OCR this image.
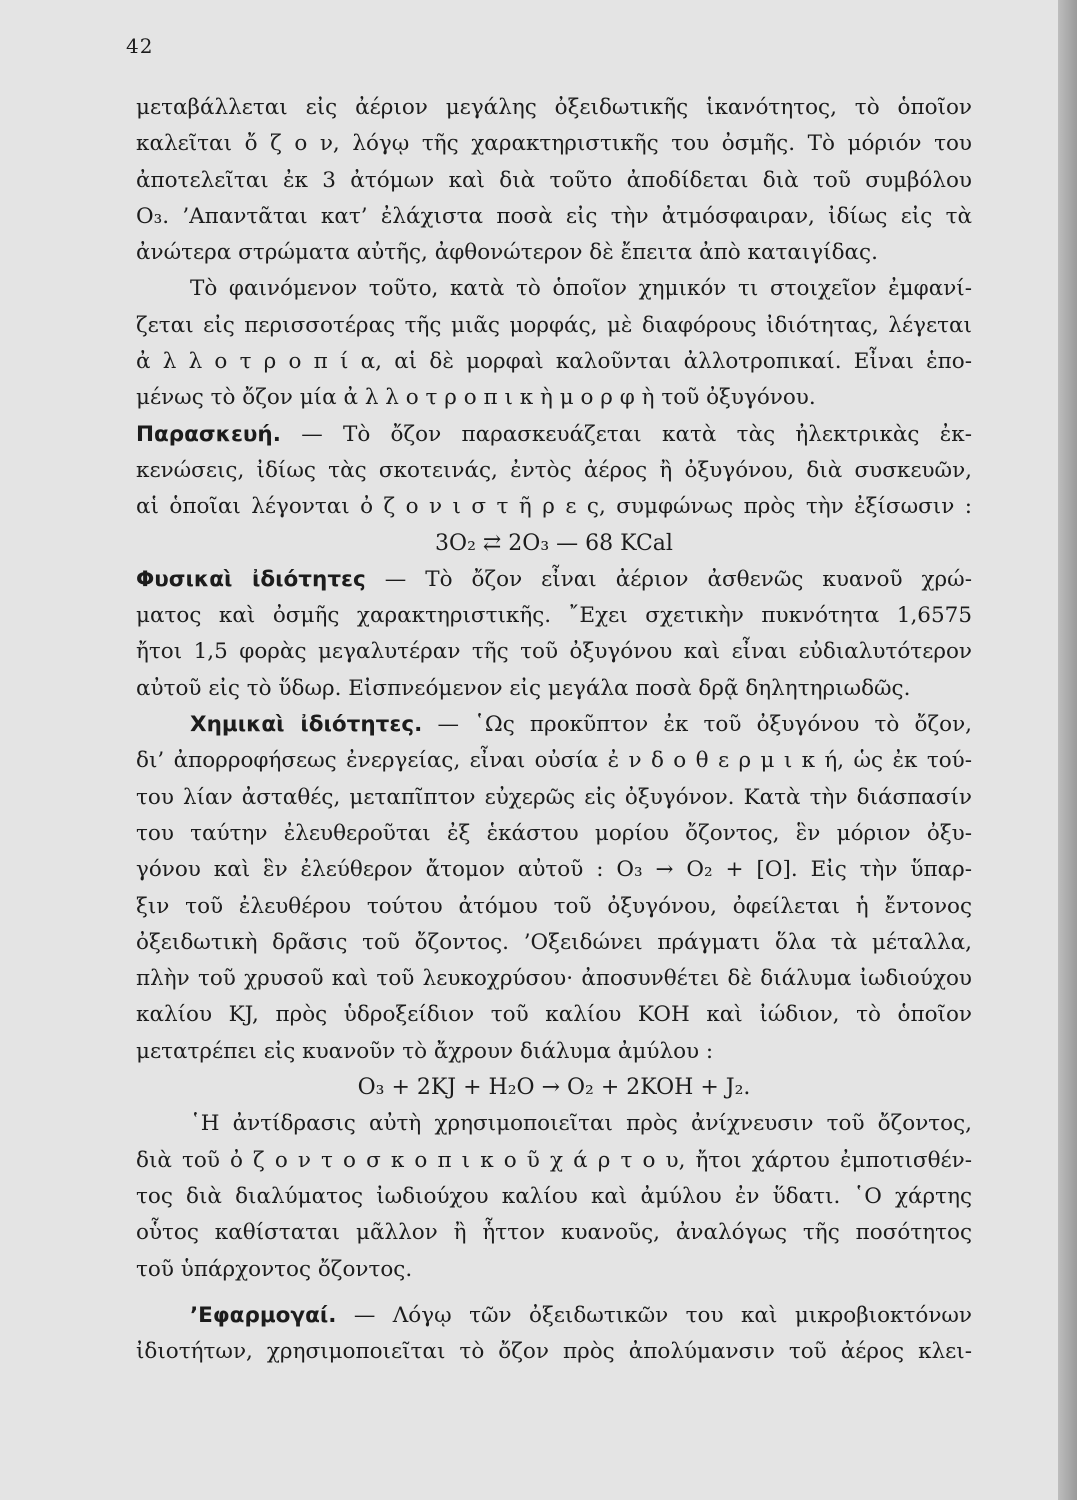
42
μεταβάλλεται εἰς ἀέριον μεγάλης ὀξειδωτικῆς ἱκανότητος, τὸ ὁποῖον
καλεῖται ὄ ζ ο ν, λόγῳ τῆς χαρακτηριστικῆς του ὀσμῆς. Τὸ μόριόν του
ἀποτελεῖται ἐκ 3 ἀτόμων καὶ διὰ τοῦτο ἀποδίδεται διὰ τοῦ συμβόλου
O₃. ’Απαντᾶται κατ’ ἐλάχιστα ποσὰ εἰς τὴν ἀτμόσφαιραν, ἰδίως εἰς τὰ
ἀνώτερα στρώματα αὐτῆς, ἀφθονώτερον δὲ ἔπειτα ἀπὸ καταιγίδας.
Τὸ φαινόμενον τοῦτο, κατὰ τὸ ὁποῖον χημικόν τι στοιχεῖον ἐμφανί-
ζεται εἰς περισσοτέρας τῆς μιᾶς μορφάς, μὲ διαφόρους ἰδιότητας, λέγεται
ἀ λ λ ο τ ρ ο π ί α, αἱ δὲ μορφαὶ καλοῦνται ἀλλοτροπικαί. Εἶναι ἑπο-
μένως τὸ ὄζον μία ἀ λ λ ο τ ρ ο π ι κ ὴ μ ο ρ φ ὴ τοῦ ὀξυγόνου.
Παρασκευή. — Τὸ ὄζον παρασκευάζεται κατὰ τὰς ἠλεκτρικὰς ἐκ-
κενώσεις, ἰδίως τὰς σκοτεινάς, ἐντὸς ἀέρος ἢ ὀξυγόνου, διὰ συσκευῶν,
αἱ ὁποῖαι λέγονται ὀ ζ ο ν ι σ τ ῆ ρ ε ς, συμφώνως πρὸς τὴν ἐξίσωσιν :
3O₂ ⇄ 2O₃ — 68 KCal
Φυσικαὶ ἰδιότητες — Τὸ ὄζον εἶναι ἀέριον ἀσθενῶς κυανοῦ χρώ-
ματος καὶ ὀσμῆς χαρακτηριστικῆς. ῎Εχει σχετικὴν πυκνότητα 1,6575
ἤτοι 1,5 φορὰς μεγαλυτέραν τῆς τοῦ ὀξυγόνου καὶ εἶναι εὐδιαλυτότερον
αὐτοῦ εἰς τὸ ὕδωρ. Εἰσπνεόμενον εἰς μεγάλα ποσὰ δρᾷ δηλητηριωδῶς.
Χημικαὶ ἰδιότητες. — ῾Ως προκῦπτον ἐκ τοῦ ὀξυγόνου τὸ ὄζον,
δι’ ἀπορροφήσεως ἐνεργείας, εἶναι οὐσία ἐ ν δ ο θ ε ρ μ ι κ ή, ὡς ἐκ τού-
του λίαν ἀσταθές, μεταπῖπτον εὐχερῶς εἰς ὀξυγόνον. Κατὰ τὴν διάσπασίν
του ταύτην ἐλευθεροῦται ἐξ ἑκάστου μορίου ὄζοντος, ἓν μόριον ὀξυ-
γόνου καὶ ἓν ἐλεύθερον ἄτομον αὐτοῦ : O₃ → O₂ + [O]. Εἰς τὴν ὕπαρ-
ξιν τοῦ ἐλευθέρου τούτου ἀτόμου τοῦ ὀξυγόνου, ὀφείλεται ἡ ἔντονος
ὀξειδωτικὴ δρᾶσις τοῦ ὄζοντος. ’Οξειδώνει πράγματι ὅλα τὰ μέταλλα,
πλὴν τοῦ χρυσοῦ καὶ τοῦ λευκοχρύσου· ἀποσυνθέτει δὲ διάλυμα ἰωδιούχου
καλίου KJ, πρὸς ὑδροξείδιον τοῦ καλίου KOH καὶ ἰώδιον, τὸ ὁποῖον
μετατρέπει εἰς κυανοῦν τὸ ἄχρουν διάλυμα ἀμύλου :
O₃ + 2KJ + H₂O → O₂ + 2KOH + J₂.
῾Η ἀντίδρασις αὐτὴ χρησιμοποιεῖται πρὸς ἀνίχνευσιν τοῦ ὄζοντος,
διὰ τοῦ ὀ ζ ο ν τ ο σ κ ο π ι κ ο ῦ χ ά ρ τ ο υ, ἤτοι χάρτου ἐμποτισθέν-
τος διὰ διαλύματος ἰωδιούχου καλίου καὶ ἀμύλου ἐν ὕδατι. ῾Ο χάρτης
οὗτος καθίσταται μᾶλλον ἢ ἧττον κυανοῦς, ἀναλόγως τῆς ποσότητος
τοῦ ὑπάρχοντος ὄζοντος.
’Εφαρμογαί. — Λόγῳ τῶν ὀξειδωτικῶν του καὶ μικροβιοκτόνων
ἰδιοτήτων, χρησιμοποιεῖται τὸ ὄζον πρὸς ἀπολύμανσιν τοῦ ἀέρος κλει-
